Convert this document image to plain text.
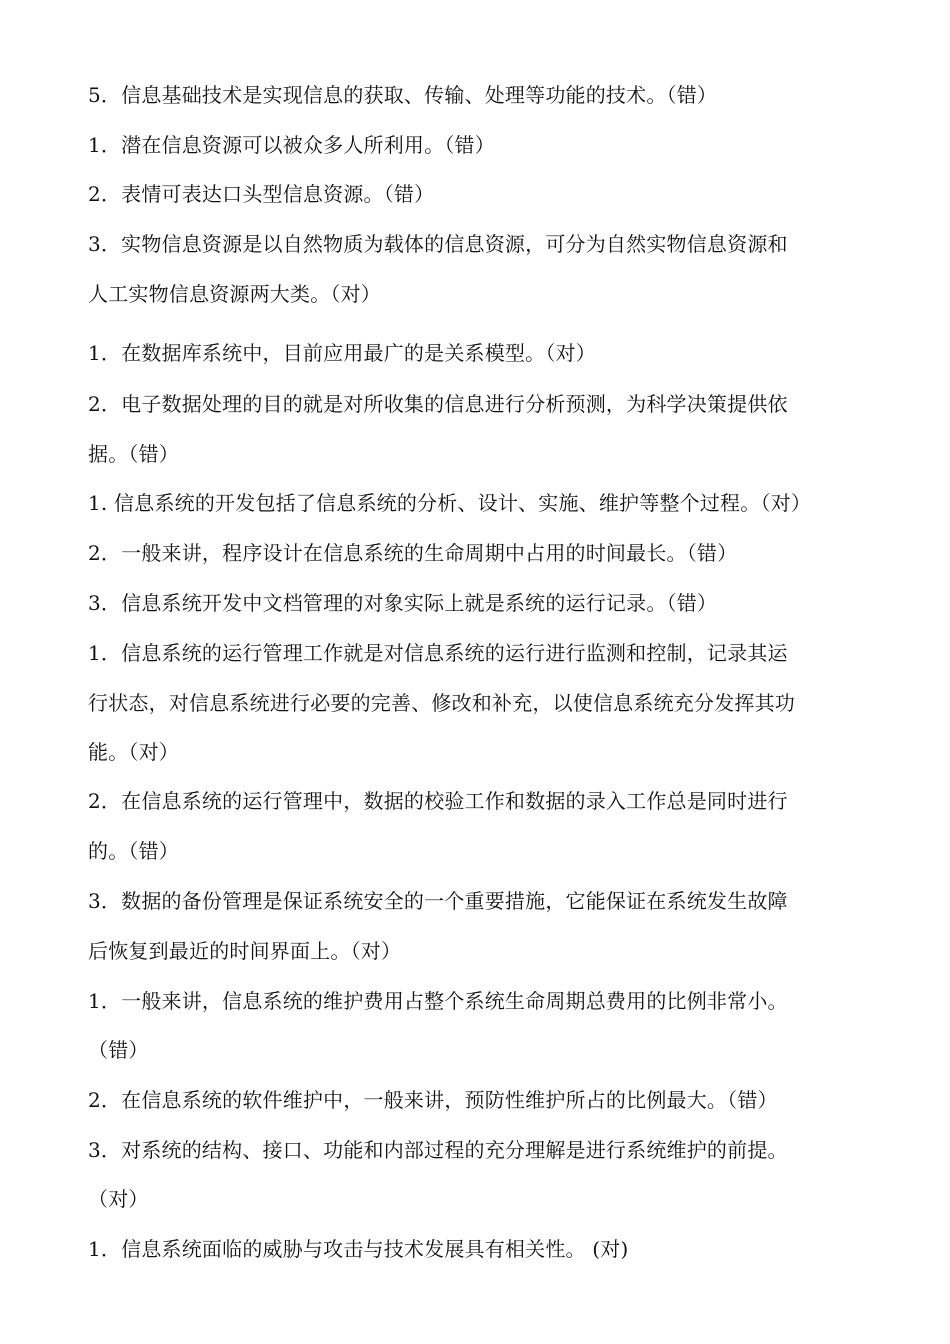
5．信息基础技术是实现信息的获取、传输、处理等功能的技术。（错）
1．潜在信息资源可以被众多人所利用。（错）
2．表情可表达口头型信息资源。（错）
3．实物信息资源是以自然物质为载体的信息资源，可分为自然实物信息资源和
人工实物信息资源两大类。（对）
1．在数据库系统中，目前应用最广的是关系模型。（对）
2．电子数据处理的目的就是对所收集的信息进行分析预测，为科学决策提供依
据。（错）
1. 信息系统的开发包括了信息系统的分析、设计、实施、维护等整个过程。（对）
2．一般来讲，程序设计在信息系统的生命周期中占用的时间最长。（错）
3．信息系统开发中文档管理的对象实际上就是系统的运行记录。（错）
1．信息系统的运行管理工作就是对信息系统的运行进行监测和控制，记录其运
行状态，对信息系统进行必要的完善、修改和补充，以使信息系统充分发挥其功
能。（对）
2．在信息系统的运行管理中，数据的校验工作和数据的录入工作总是同时进行
的。（错）
3．数据的备份管理是保证系统安全的一个重要措施，它能保证在系统发生故障
后恢复到最近的时间界面上。（对）
1．一般来讲，信息系统的维护费用占整个系统生命周期总费用的比例非常小。
（错）
2．在信息系统的软件维护中，一般来讲，预防性维护所占的比例最大。（错）
3．对系统的结构、接口、功能和内部过程的充分理解是进行系统维护的前提。
（对）
1．信息系统面临的威胁与攻击与技术发展具有相关性。 (对)
